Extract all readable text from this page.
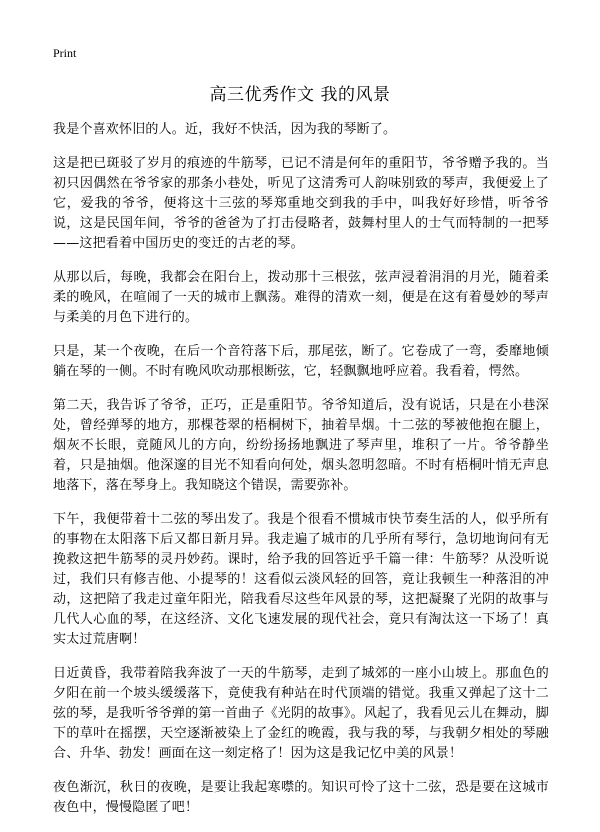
Print
高三优秀作文 我的风景

我是个喜欢怀旧的人。近，我好不快活，因为我的琴断了。

这是把已斑驳了岁月的痕迹的牛筋琴，已记不清是何年的重阳节，爷爷赠予我的。当初只因偶然在爷爷家的那条小巷处，听见了这清秀可人韵味别致的琴声，我便爱上了它，爱我的爷爷，便将这十三弦的琴郑重地交到我的手中，叫我好好珍惜，听爷爷说，这是民国年间，爷爷的爸爸为了打击侵略者，鼓舞村里人的士气而特制的一把琴——这把看着中国历史的变迁的古老的琴。

从那以后，每晚，我都会在阳台上，拨动那十三根弦，弦声浸着涓涓的月光，随着柔柔的晚风，在喧闹了一天的城市上飘荡。难得的清欢一刻，便是在这有着曼妙的琴声与柔美的月色下进行的。

只是，某一个夜晚，在后一个音符落下后，那尾弦，断了。它卷成了一弯，委靡地倾躺在琴的一侧。不时有晚风吹动那根断弦，它，轻飘飘地呼应着。我看着，愕然。

第二天，我告诉了爷爷，正巧，正是重阳节。爷爷知道后，没有说话，只是在小巷深处，曾经弹琴的地方，那棵苍翠的梧桐树下，抽着旱烟。十二弦的琴被他抱在腿上，烟灰不长眼，竟随风儿的方向，纷纷扬扬地飘进了琴声里，堆积了一片。爷爷静坐着，只是抽烟。他深邃的目光不知看向何处，烟头忽明忽暗。不时有梧桐叶悄无声息地落下，落在琴身上。我知晓这个错误，需要弥补。

下午，我便带着十二弦的琴出发了。我是个很看不惯城市快节奏生活的人，似乎所有的事物在太阳落下后又都日新月异。我走遍了城市的几乎所有琴行，急切地询问有无挽救这把牛筋琴的灵丹妙药。课时，给予我的回答近乎千篇一律：牛筋琴？从没听说过，我们只有修吉他、小提琴的！这看似云淡风轻的回答，竟让我顿生一种落泪的冲动，这把陪了我走过童年阳光，陪我看尽这些年风景的琴，这把凝聚了光阴的故事与几代人心血的琴，在这经济、文化飞速发展的现代社会，竟只有淘汰这一下场了！真实太过荒唐啊！

日近黄昏，我带着陪我奔波了一天的牛筋琴，走到了城郊的一座小山坡上。那血色的夕阳在前一个坡头缓缓落下，竟使我有种站在时代顶端的错觉。我重又弹起了这十二弦的琴，是我听爷爷弹的第一首曲子《光阴的故事》。风起了，我看见云儿在舞动，脚下的草叶在摇摆，天空逐渐被染上了金红的晚霞，我与我的琴，与我朝夕相处的琴融合、升华、勃发！画面在这一刻定格了！因为这是我记忆中美的风景！

夜色渐沉，秋日的夜晚，是要让我起寒噤的。知识可怜了这十二弦，恐是要在这城市夜色中，慢慢隐匿了吧！
